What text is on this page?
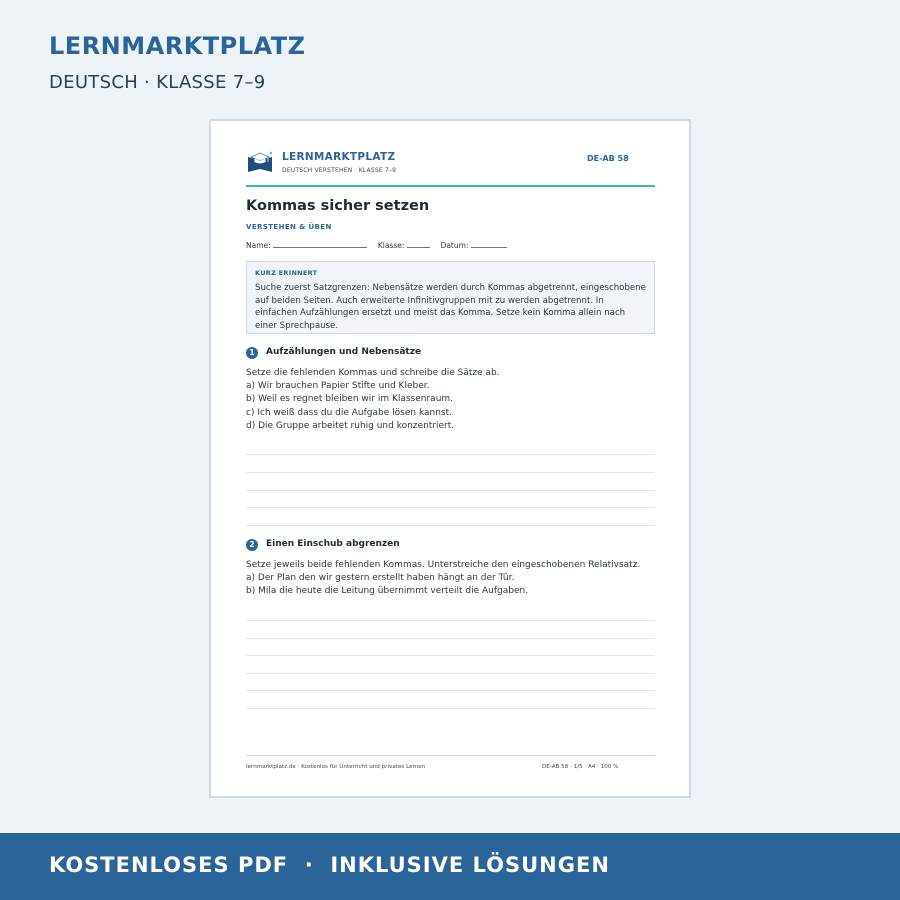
LERNMARKTPLATZ
DEUTSCH · KLASSE 7–9
LERNMARKTPLATZ
DEUTSCH VERSTEHEN · KLASSE 7–9
DE-AB 58
Kommas sicher setzen
VERSTEHEN & ÜBEN
Name:	Klasse:	Datum:
KURZ ERINNERT
Suche zuerst Satzgrenzen: Nebensätze werden durch Kommas abgetrennt, eingeschobene auf beiden Seiten. Auch erweiterte Infinitivgruppen mit zu werden abgetrennt. In einfachen Aufzählungen ersetzt und meist das Komma. Setze kein Komma allein nach einer Sprechpause.
1	Aufzählungen und Nebensätze
Setze die fehlenden Kommas und schreibe die Sätze ab.
a) Wir brauchen Papier Stifte und Kleber.
b) Weil es regnet bleiben wir im Klassenraum.
c) Ich weiß dass du die Aufgabe lösen kannst.
d) Die Gruppe arbeitet ruhig und konzentriert.
2	Einen Einschub abgrenzen
Setze jeweils beide fehlenden Kommas. Unterstreiche den eingeschobenen Relativsatz.
a) Der Plan den wir gestern erstellt haben hängt an der Tür.
b) Mila die heute die Leitung übernimmt verteilt die Aufgaben.
lernmarktplatz.de · Kostenlos für Unterricht und privates Lernen	DE-AB 58 · 1/5 · A4 · 100 %
KOSTENLOSES PDF  ·  INKLUSIVE LÖSUNGEN
